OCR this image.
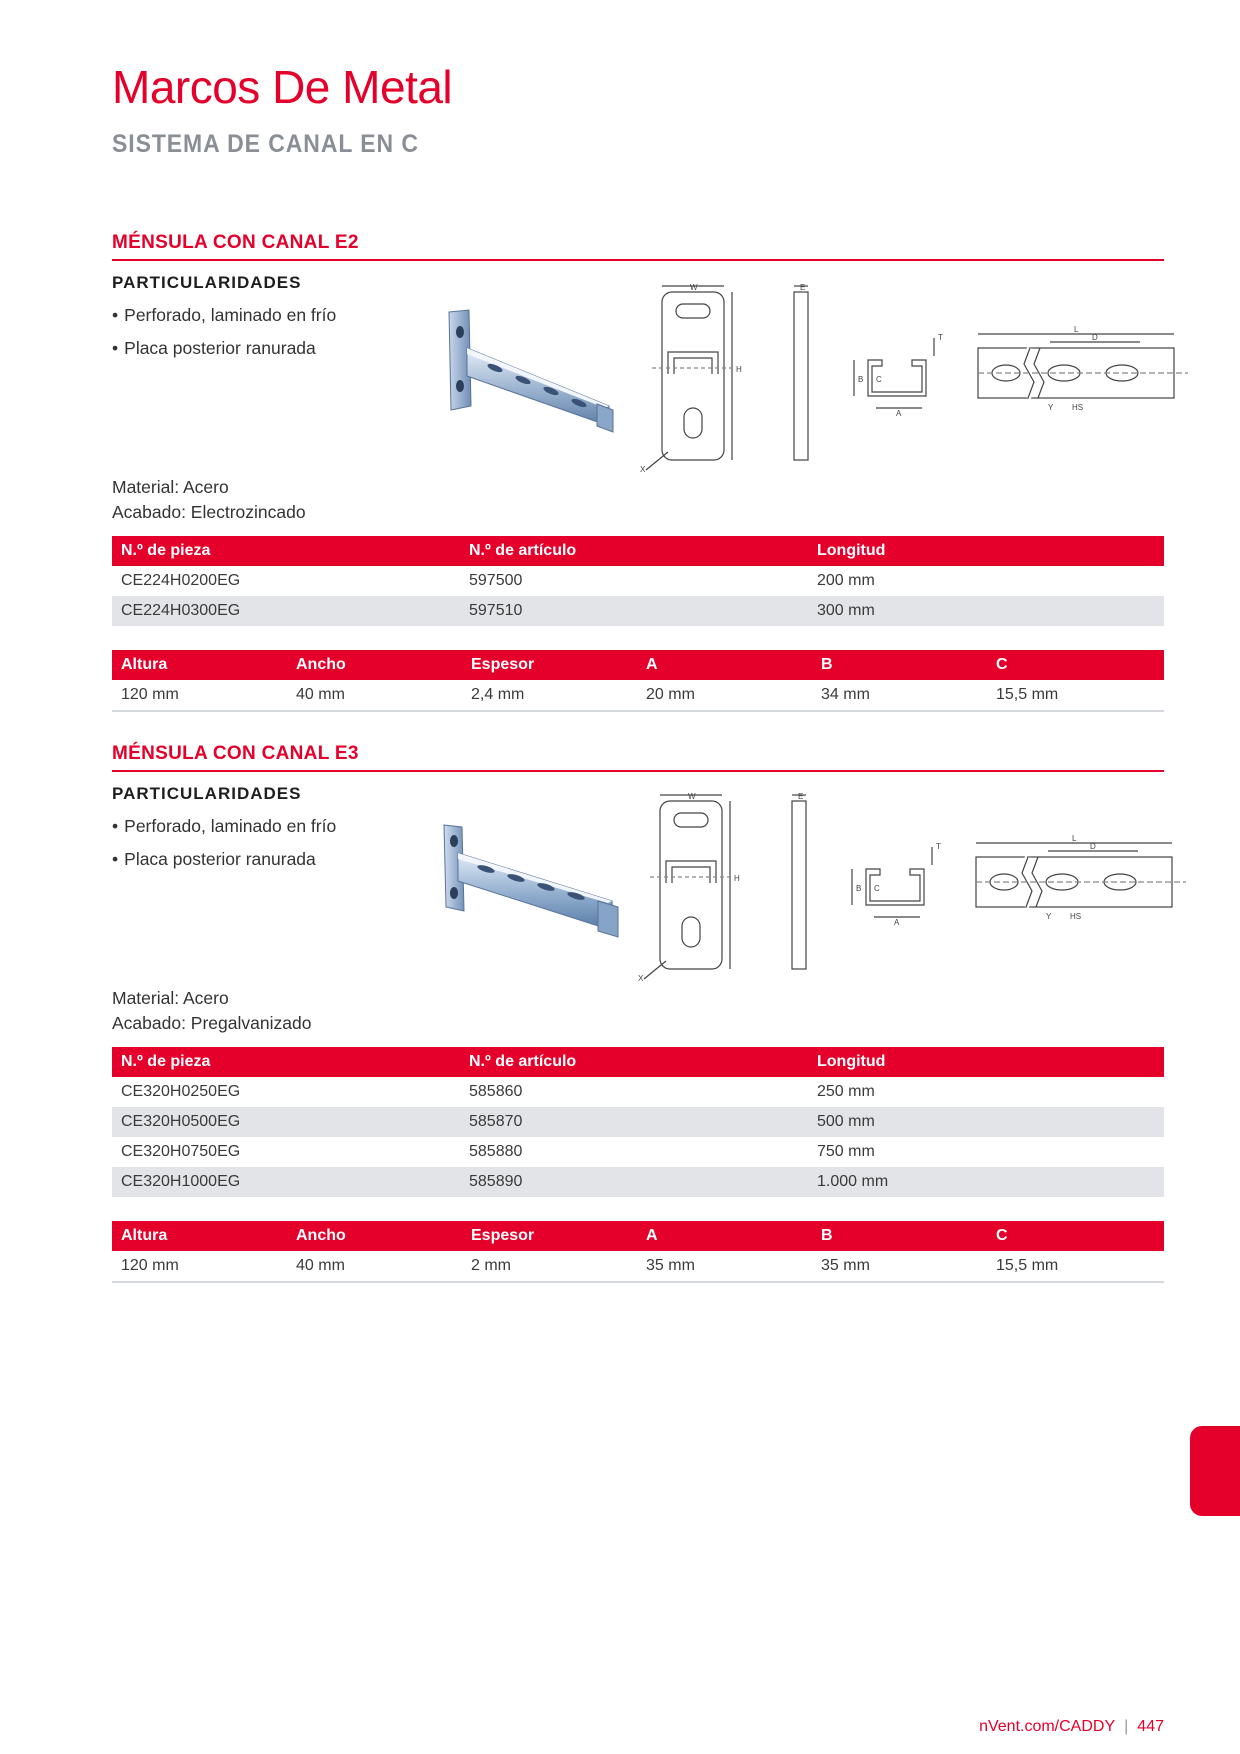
Marcos De Metal
SISTEMA DE CANAL EN C
MÉNSULA CON CANAL E2
PARTICULARIDADES
• Perforado, laminado en frío
• Placa posterior ranurada
W	E
H
X
T
B C
A
L
D
Y HS
Material: Acero
Acabado: Electrozincado
N.º de pieza	N.º de artículo	Longitud
CE224H0200EG	597500	200 mm
CE224H0300EG	597510	300 mm
Altura	Ancho	Espesor	A	B	C
120 mm	40 mm	2,4 mm	20 mm	34 mm	15,5 mm
MÉNSULA CON CANAL E3
PARTICULARIDADES
• Perforado, laminado en frío
• Placa posterior ranurada
W	E
H
X
T
B C
A
L
D
Y HS
Material: Acero
Acabado: Pregalvanizado
N.º de pieza	N.º de artículo	Longitud
CE320H0250EG	585860	250 mm
CE320H0500EG	585870	500 mm
CE320H0750EG	585880	750 mm
CE320H1000EG	585890	1.000 mm
Altura	Ancho	Espesor	A	B	C
120 mm	40 mm	2 mm	35 mm	35 mm	15,5 mm
nVent.com/CADDY | 447
